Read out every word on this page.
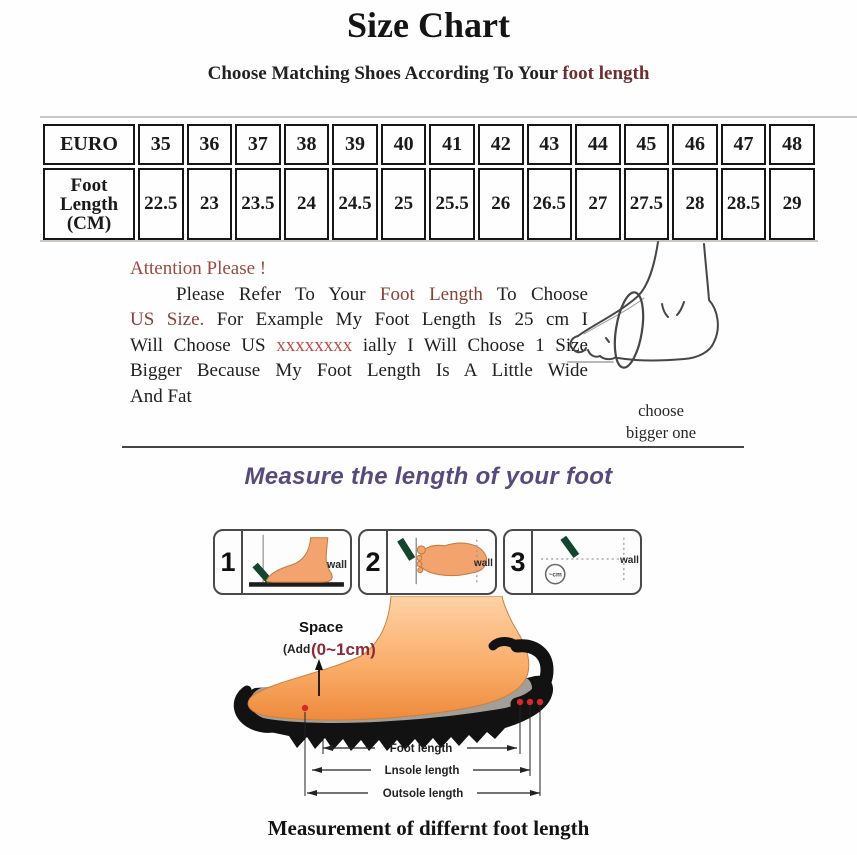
Size Chart
Choose Matching Shoes According To Your foot length
EURO	35	36	37	38	39	40	41	42	43	44	45	46	47	48

Foot
Length
(CM)	22.5	23	23.5	24	24.5	25	25.5	26	26.5	27	27.5	28	28.5	29
Attention Please !
Please Refer To Your Foot Length To Choose
US Size. For Example My Foot Length Is 25 cm I
Will Choose US xxxxxxxx ially I Will Choose 1 Size
Bigger Because My Foot Length Is A Little Wide
And Fat
choose
bigger one
Measure the length of your foot
1	wall 2	wall 3	~cm
wall
Space
(Add (0~1cm)
Foot length
Lnsole length
Outsole length
Measurement of differnt foot length
